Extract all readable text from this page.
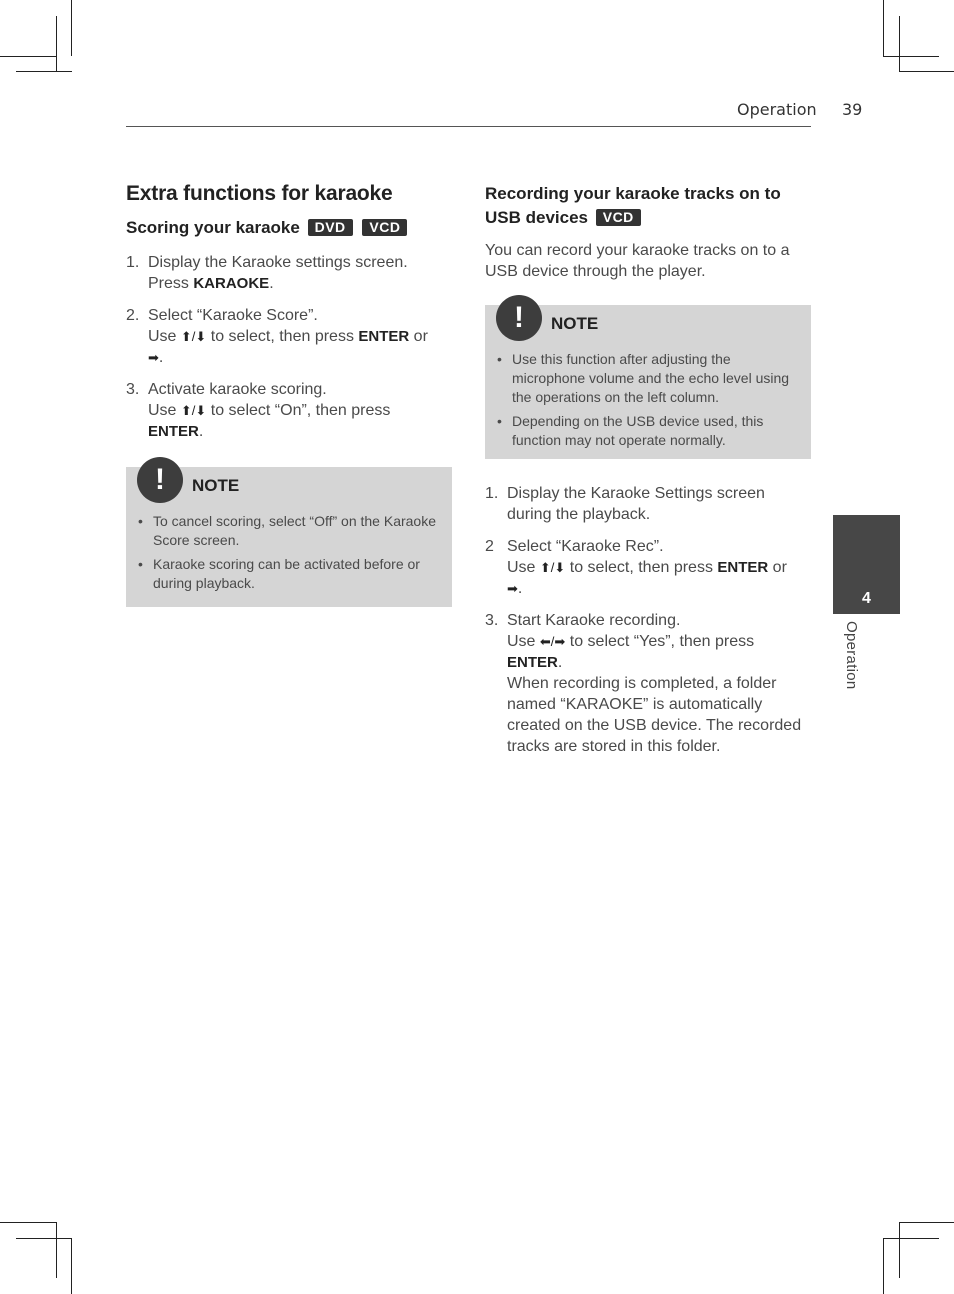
Operation 39
Extra functions for karaoke
Scoring your karaoke DVD VCD
1. Display the Karaoke settings screen.
Press KARAOKE.
2. Select “Karaoke Score”.
Use ⬆/⬇ to select, then press ENTER or
➡.
3. Activate karaoke scoring.
Use ⬆/⬇ to select “On”, then press
ENTER.
!	NOTE
• To cancel scoring, select “Off” on the Karaoke Score screen.
• Karaoke scoring can be activated before or during playback.
Recording your karaoke tracks on to
USB devices VCD
You can record your karaoke tracks on to a USB device through the player.
!	NOTE
• Use this function after adjusting the microphone volume and the echo level using the operations on the left column.
• Depending on the USB device used, this function may not operate normally.
1. Display the Karaoke Settings screen during the playback.
2 Select “Karaoke Rec”.
Use ⬆/⬇ to select, then press ENTER or
➡.
3. Start Karaoke recording.
Use ⬅/➡ to select “Yes”, then press
ENTER.
When recording is completed, a folder named “KARAOKE” is automatically created on the USB device. The recorded tracks are stored in this folder.
4
Operation
